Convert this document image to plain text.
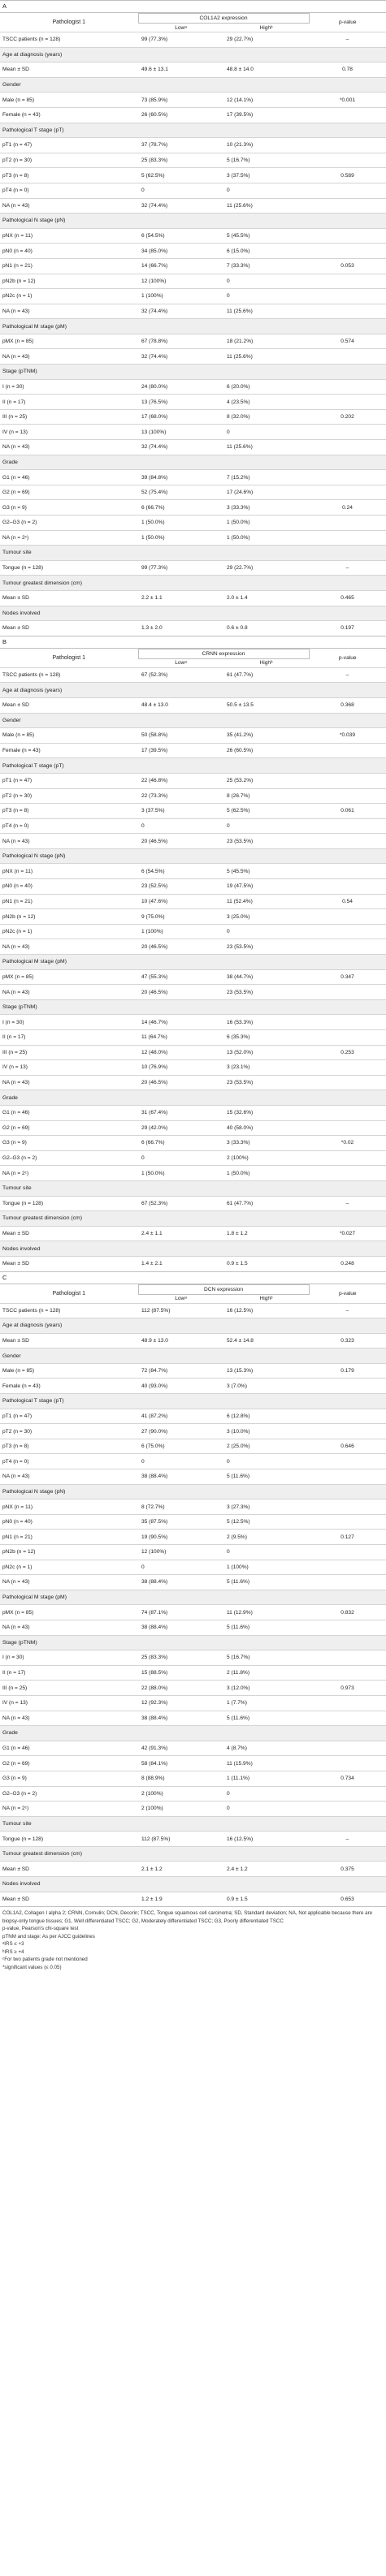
A
Pathologist 1	COL1A2 expression		p-value
	Lowᵃ	Highᵇ	
TSCC patients (n = 128)	99 (77.3%)	29 (22.7%)	–
Age at diagnosis (years)			
Mean ± SD	49.6 ± 13.1	48.8 ± 14.0	0.78
Gender			
Male (n = 85)	73 (85.9%)	12 (14.1%)	*0.001
Female (n = 43)	26 (60.5%)	17 (39.5%)	
Pathological T stage (pT)			
pT1 (n = 47)	37 (78.7%)	10 (21.3%)	
pT2 (n = 30)	25 (83.3%)	5 (16.7%)	
pT3 (n = 8)	5 (62.5%)	3 (37.5%)	0.589
pT4 (n = 0)	0	0	
NA (n = 43)	32 (74.4%)	11 (25.6%)	
Pathological N stage (pN)			
pNX (n = 11)	6 (54.5%)	5 (45.5%)	
pN0 (n = 40)	34 (85.0%)	6 (15.0%)	
pN1 (n = 21)	14 (66.7%)	7 (33.3%)	0.053
pN2b (n = 12)	12 (100%)	0	
pN2c (n = 1)	1 (100%)	0	
NA (n = 43)	32 (74.4%)	11 (25.6%)	
Pathological M stage (pM)			
pMX (n = 85)	67 (78.8%)	18 (21.2%)	0.574
NA (n = 43)	32 (74.4%)	11 (25.6%)	
Stage (pTNM)			
I (n = 30)	24 (80.0%)	6 (20.0%)	
II (n = 17)	13 (76.5%)	4 (23.5%)	
III (n = 25)	17 (68.0%)	8 (32.0%)	0.202
IV (n = 13)	13 (100%)	0	
NA (n = 43)	32 (74.4%)	11 (25.6%)	
Grade			
G1 (n = 46)	39 (84.8%)	7 (15.2%)	
G2 (n = 69)	52 (75.4%)	17 (24.6%)	
G3 (n = 9)	6 (66.7%)	3 (33.3%)	0.24
G2–G3 (n = 2)	1 (50.0%)	1 (50.0%)	
NA (n = 2ᶜ)	1 (50.0%)	1 (50.0%)	
Tumour site			
Tongue (n = 128)	99 (77.3%)	29 (22.7%)	–
Tumour greatest dimension (cm)			
Mean ± SD	2.2 ± 1.1	2.0 ± 1.4	0.465
Nodes involved			
Mean ± SD	1.3 ± 2.0	0.6 ± 0.8	0.197
B
Pathologist 1	CRNN expression		p-value
	Lowᵃ	Highᵇ	
TSCC patients (n = 128)	67 (52.3%)	61 (47.7%)	–
Age at diagnosis (years)			
Mean ± SD	48.4 ± 13.0	50.5 ± 13.5	0.368
Gender			
Male (n = 85)	50 (58.8%)	35 (41.2%)	*0.039
Female (n = 43)	17 (39.5%)	26 (60.5%)	
Pathological T stage (pT)			
pT1 (n = 47)	22 (46.8%)	25 (53.2%)	
pT2 (n = 30)	22 (73.3%)	8 (26.7%)	
pT3 (n = 8)	3 (37.5%)	5 (62.5%)	0.061
pT4 (n = 0)	0	0	
NA (n = 43)	20 (46.5%)	23 (53.5%)	
Pathological N stage (pN)			
pNX (n = 11)	6 (54.5%)	5 (45.5%)	
pN0 (n = 40)	23 (52.5%)	19 (47.5%)	
pN1 (n = 21)	10 (47.6%)	11 (52.4%)	0.54
pN2b (n = 12)	9 (75.0%)	3 (25.0%)	
pN2c (n = 1)	1 (100%)	0	
NA (n = 43)	20 (46.5%)	23 (53.5%)	
Pathological M stage (pM)			
pMX (n = 85)	47 (55.3%)	38 (44.7%)	0.347
NA (n = 43)	20 (46.5%)	23 (53.5%)	
Stage (pTNM)			
I (n = 30)	14 (46.7%)	16 (53.3%)	
II (n = 17)	11 (64.7%)	6 (35.3%)	
III (n = 25)	12 (48.0%)	13 (52.0%)	0.253
IV (n = 13)	10 (76.9%)	3 (23.1%)	
NA (n = 43)	20 (46.5%)	23 (53.5%)	
Grade			
G1 (n = 46)	31 (67.4%)	15 (32.6%)	
G2 (n = 69)	29 (42.0%)	40 (58.0%)	
G3 (n = 9)	6 (66.7%)	3 (33.3%)	*0.02
G2–G3 (n = 2)	0	2 (100%)	
NA (n = 2ᶜ)	1 (50.0%)	1 (50.0%)	
Tumour site			
Tongue (n = 128)	67 (52.3%)	61 (47.7%)	–
Tumour greatest dimension (cm)			
Mean ± SD	2.4 ± 1.1	1.8 ± 1.2	*0.027
Nodes involved			
Mean ± SD	1.4 ± 2.1	0.9 ± 1.5	0.248
C
Pathologist 1	DCN expression		p-value
	Lowᵃ	Highᵇ	
TSCC patients (n = 128)	112 (87.5%)	16 (12.5%)	–
Age at diagnosis (years)			
Mean ± SD	48.9 ± 13.0	52.4 ± 14.8	0.323
Gender			
Male (n = 85)	72 (84.7%)	13 (15.3%)	0.179
Female (n = 43)	40 (93.0%)	3 (7.0%)	
Pathological T stage (pT)			
pT1 (n = 47)	41 (87.2%)	6 (12.8%)	
pT2 (n = 30)	27 (90.0%)	3 (10.0%)	
pT3 (n = 8)	6 (75.0%)	2 (25.0%)	0.646
pT4 (n = 0)	0	0	
NA (n = 43)	38 (88.4%)	5 (11.6%)	
Pathological N stage (pN)			
pNX (n = 11)	8 (72.7%)	3 (27.3%)	
pN0 (n = 40)	35 (87.5%)	5 (12.5%)	
pN1 (n = 21)	19 (90.5%)	2 (9.5%)	0.127
pN2b (n = 12)	12 (100%)	0	
pN2c (n = 1)	0	1 (100%)	
NA (n = 43)	38 (88.4%)	5 (11.6%)	
Pathological M stage (pM)			
pMX (n = 85)	74 (87.1%)	11 (12.9%)	0.832
NA (n = 43)	38 (88.4%)	5 (11.6%)	
Stage (pTNM)			
I (n = 30)	25 (83.3%)	5 (16.7%)	
II (n = 17)	15 (88.5%)	2 (11.8%)	
III (n = 25)	22 (88.0%)	3 (12.0%)	0.973
IV (n = 13)	12 (92.3%)	1 (7.7%)	
NA (n = 43)	38 (88.4%)	5 (11.6%)	
Grade			
G1 (n = 46)	42 (91.3%)	4 (8.7%)	
G2 (n = 69)	58 (84.1%)	11 (15.9%)	
G3 (n = 9)	8 (88.9%)	1 (11.1%)	0.734
G2–G3 (n = 2)	2 (100%)	0	
NA (n = 2ᶜ)	2 (100%)	0	
Tumour site			
Tongue (n = 128)	112 (87.5%)	16 (12.5%)	–
Tumour greatest dimension (cm)			
Mean ± SD	2.1 ± 1.2	2.4 ± 1.2	0.375
Nodes involved			
Mean ± SD	1.2 ± 1.9	0.9 ± 1.5	0.653
COL1A2, Collagen I alpha 2; CRNN, Cornulin; DCN, Decorin; TSCC, Tongue squamous cell carcinoma; SD, Standard deviation; NA, Not applicable because there are biopsy-only tongue tissues; G1, Well differentiated TSCC; G2, Moderately differentiated TSCC; G3, Poorly differentiated TSCC
p-value, Pearson's chi-square test
pTNM and stage: As per AJCC guidelines
ᵃIRS ≤ +3
ᵇIRS ≥ +4
ᶜFor two patients grade not mentioned
*significant values (≤ 0.05)
